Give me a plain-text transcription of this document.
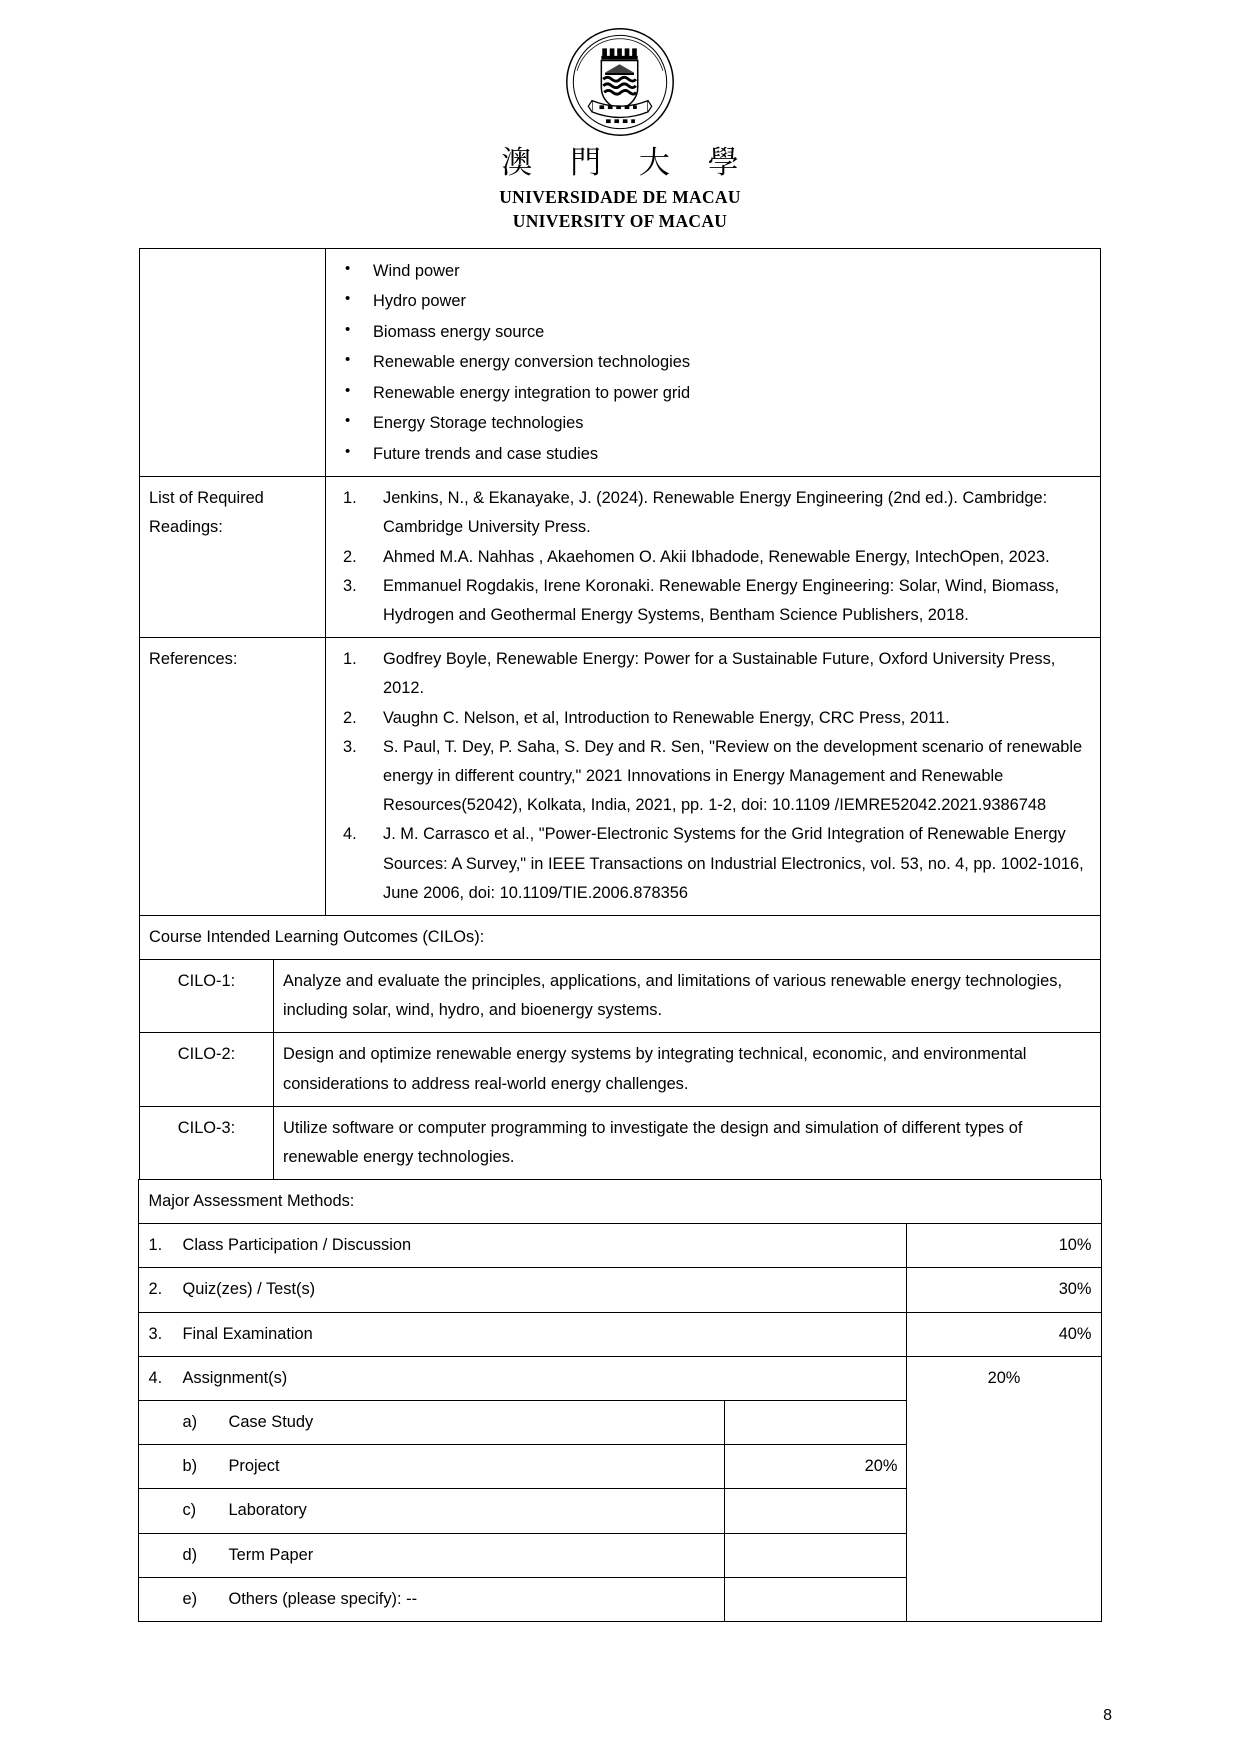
澳 門 大 學
UNIVERSIDADE DE MACAU
UNIVERSITY OF MACAU

• Wind power
• Hydro power
• Biomass energy source
• Renewable energy conversion technologies
• Renewable energy integration to power grid
• Energy Storage technologies
• Future trends and case studies

List of Required Readings:	
Jenkins, N., & Ekanayake, J. (2024). Renewable Energy Engineering (2nd ed.). Cambridge: Cambridge University Press.
Ahmed M.A. Nahhas , Akaehomen O. Akii Ibhadode, Renewable Energy, IntechOpen, 2023.
Emmanuel Rogdakis, Irene Koronaki. Renewable Energy Engineering: Solar, Wind, Biomass, Hydrogen and Geothermal Energy Systems, Bentham Science Publishers, 2018.

References:	Godfrey Boyle, Renewable Energy: Power for a Sustainable Future, Oxford University Press, 2012.
Vaughn C. Nelson, et al, Introduction to Renewable Energy, CRC Press, 2011.
S. Paul, T. Dey, P. Saha, S. Dey and R. Sen, "Review on the development scenario of renewable energy in different country," 2021 Innovations in Energy Management and Renewable Resources(52042), Kolkata, India, 2021, pp. 1-2, doi: 10.1109 /IEMRE52042.2021.9386748
J. M. Carrasco et al., "Power-Electronic Systems for the Grid Integration of Renewable Energy Sources: A Survey," in IEEE Transactions on Industrial Electronics, vol. 53, no. 4, pp. 1002-1016, June 2006, doi: 10.1109/TIE.2006.878356
Course Intended Learning Outcomes (CILOs):	
CILO-1:	Analyze and evaluate the principles, applications, and limitations of various renewable energy technologies, including solar, wind, hydro, and bioenergy systems.
CILO-2:	Design and optimize renewable energy systems by integrating technical, economic, and environmental considerations to address real-world energy challenges.
CILO-3:	Utilize software or computer programming to investigate the design and simulation of different types of renewable energy technologies.
Major Assessment Methods:		
1. Class Participation / Discussion		10%
2. Quiz(zes) / Test(s)		30%
3. Final Examination		40%
4. Assignment(s)		20%
a) Case Study		
b) Project	20%	
c) Laboratory		
d) Term Paper		
e) Others (please specify): --		
8
